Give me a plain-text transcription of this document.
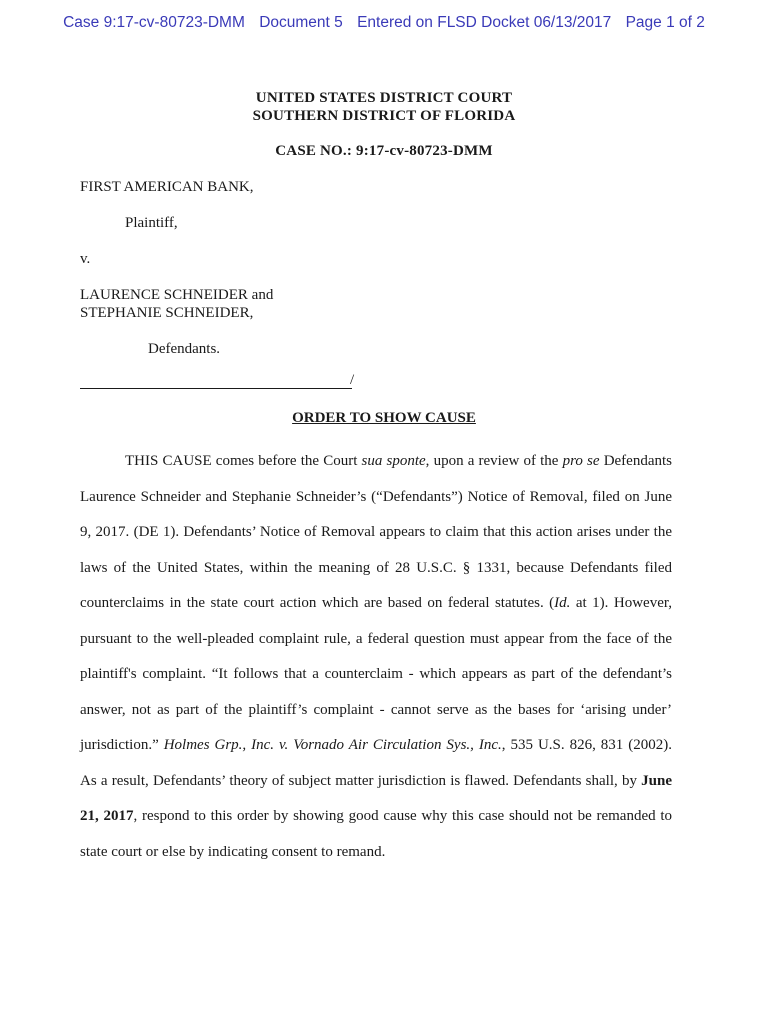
Case 9:17-cv-80723-DMM Document 5 Entered on FLSD Docket 06/13/2017 Page 1 of 2
UNITED STATES DISTRICT COURT
SOUTHERN DISTRICT OF FLORIDA
CASE NO.: 9:17-cv-80723-DMM
FIRST AMERICAN BANK,
Plaintiff,
v.
LAURENCE SCHNEIDER and
STEPHANIE SCHNEIDER,
Defendants.
/
ORDER TO SHOW CAUSE
THIS CAUSE comes before the Court sua sponte, upon a review of the pro se Defendants Laurence Schneider and Stephanie Schneider’s (“Defendants”) Notice of Removal, filed on June 9, 2017. (DE 1). Defendants’ Notice of Removal appears to claim that this action arises under the laws of the United States, within the meaning of 28 U.S.C. § 1331, because Defendants filed counterclaims in the state court action which are based on federal statutes. (Id. at 1). However, pursuant to the well-pleaded complaint rule, a federal question must appear from the face of the plaintiff's complaint. “It follows that a counterclaim - which appears as part of the defendant’s answer, not as part of the plaintiff’s complaint - cannot serve as the bases for ‘arising under’ jurisdiction.” Holmes Grp., Inc. v. Vornado Air Circulation Sys., Inc., 535 U.S. 826, 831 (2002). As a result, Defendants’ theory of subject matter jurisdiction is flawed. Defendants shall, by June 21, 2017, respond to this order by showing good cause why this case should not be remanded to state court or else by indicating consent to remand.
